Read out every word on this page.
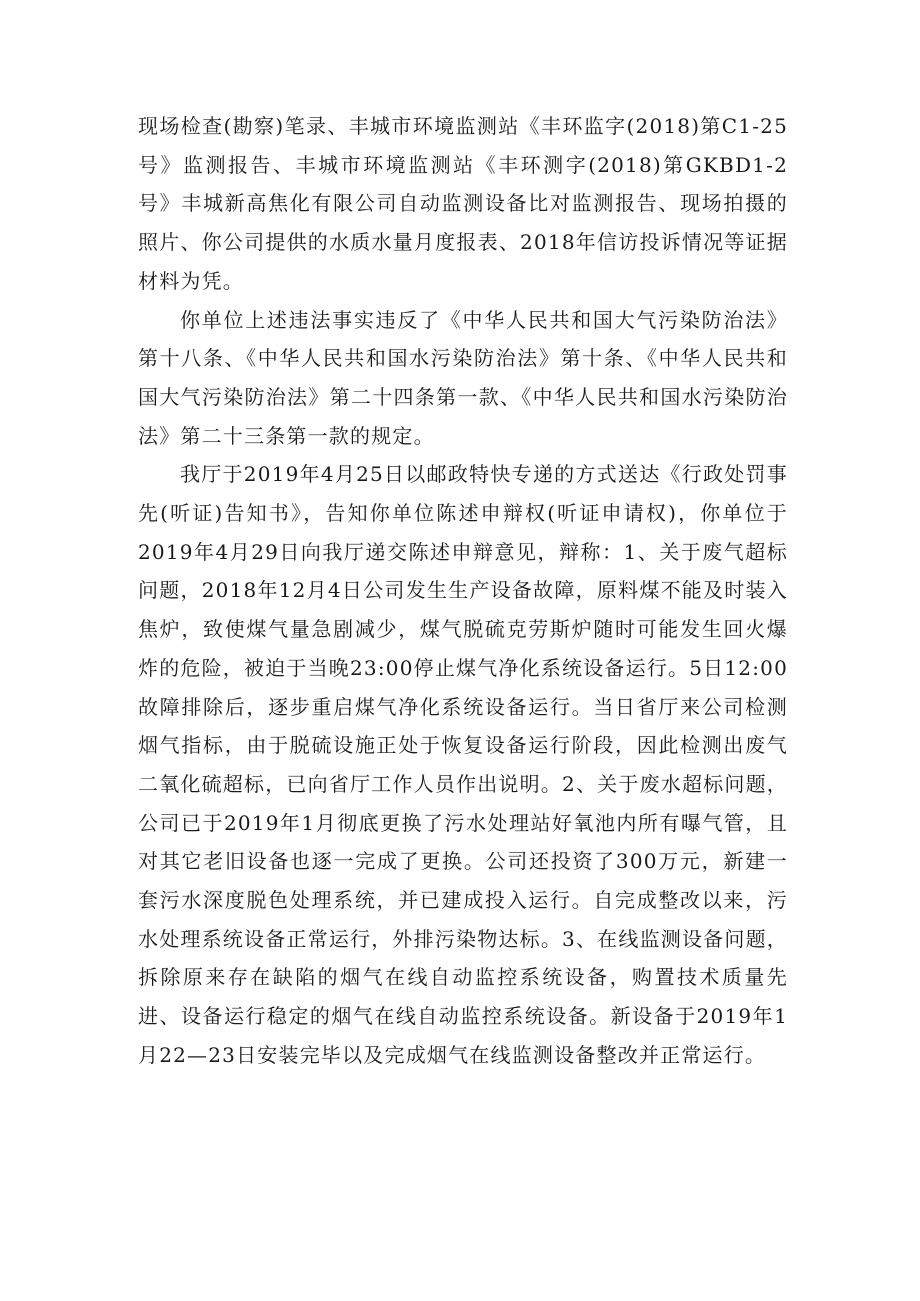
现场检查(勘察)笔录、丰城市环境监测站《丰环监字(2018)第C1-25号》监测报告、丰城市环境监测站《丰环测字(2018)第GKBD1-2号》丰城新高焦化有限公司自动监测设备比对监测报告、现场拍摄的照片、你公司提供的水质水量月度报表、2018年信访投诉情况等证据材料为凭。

你单位上述违法事实违反了《中华人民共和国大气污染防治法》第十八条、《中华人民共和国水污染防治法》第十条、《中华人民共和国大气污染防治法》第二十四条第一款、《中华人民共和国水污染防治法》第二十三条第一款的规定。

我厅于2019年4月25日以邮政特快专递的方式送达《行政处罚事先(听证)告知书》，告知你单位陈述申辩权(听证申请权)，你单位于2019年4月29日向我厅递交陈述申辩意见，辩称：1、关于废气超标问题，2018年12月4日公司发生生产设备故障，原料煤不能及时装入焦炉，致使煤气量急剧减少，煤气脱硫克劳斯炉随时可能发生回火爆炸的危险，被迫于当晚23:00停止煤气净化系统设备运行。5日12:00故障排除后，逐步重启煤气净化系统设备运行。当日省厅来公司检测烟气指标，由于脱硫设施正处于恢复设备运行阶段，因此检测出废气二氧化硫超标，已向省厅工作人员作出说明。2、关于废水超标问题，公司已于2019年1月彻底更换了污水处理站好氧池内所有曝气管，且对其它老旧设备也逐一完成了更换。公司还投资了300万元，新建一套污水深度脱色处理系统，并已建成投入运行。自完成整改以来，污水处理系统设备正常运行，外排污染物达标。3、在线监测设备问题，拆除原来存在缺陷的烟气在线自动监控系统设备，购置技术质量先进、设备运行稳定的烟气在线自动监控系统设备。新设备于2019年1月22—23日安装完毕以及完成烟气在线监测设备整改并正常运行。
